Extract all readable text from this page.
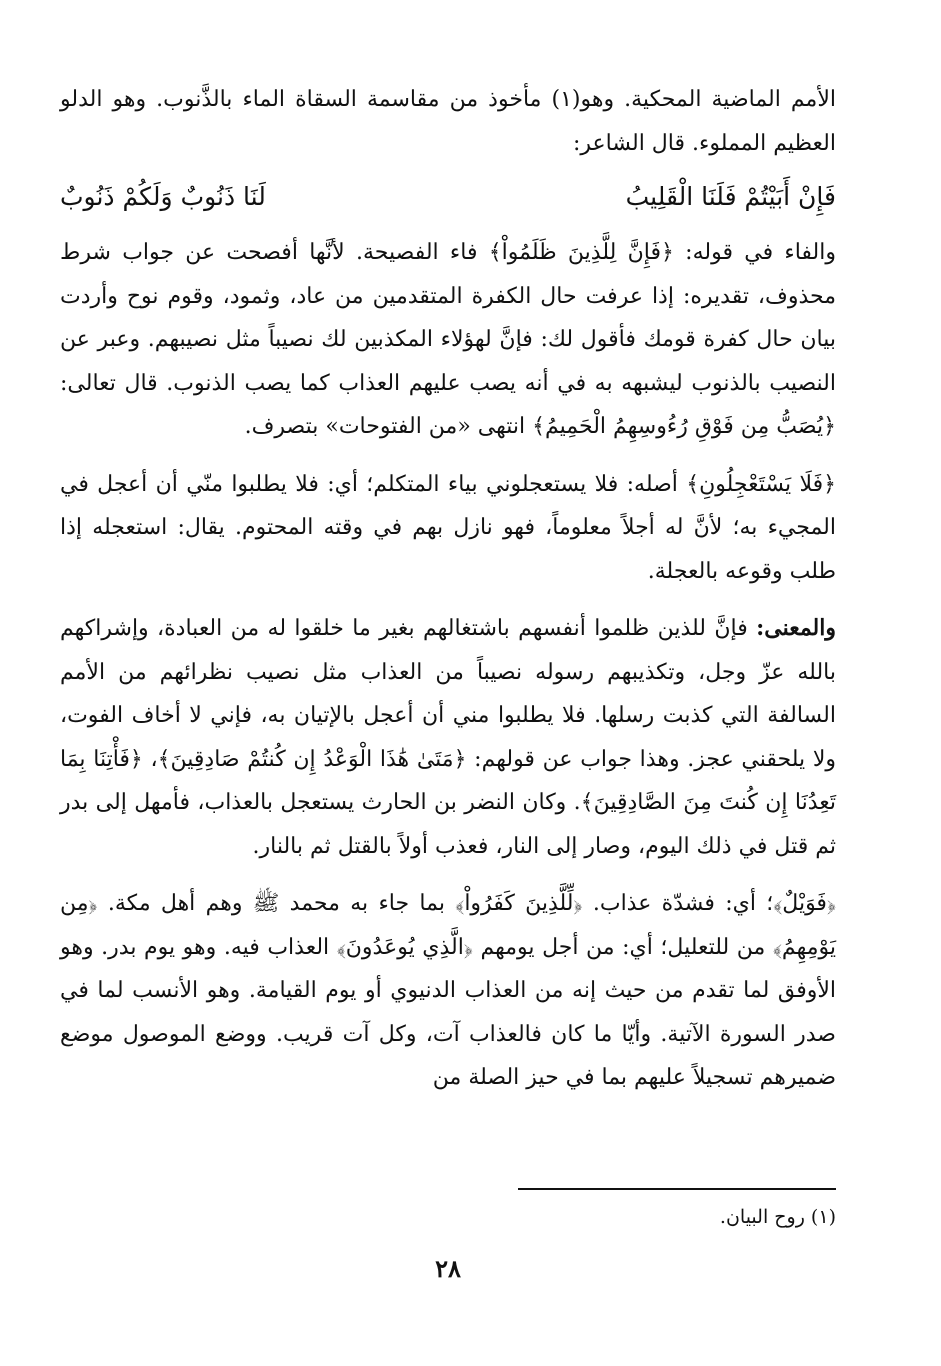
الأمم الماضية المحكية. وهو(١) مأخوذ من مقاسمة السقاة الماء بالذَّنوب. وهو الدلو العظيم المملوء. قال الشاعر:

فَإِنْ أَبَيْتُمْ فَلَنَا الْقَلِيبُ
لَنَا ذَنُوبٌ وَلَكُمْ ذَنُوبٌ

والفاء في قوله: ﴿فَإِنَّ لِلَّذِينَ ظَلَمُواْ﴾ فاء الفصيحة. لأنَّها أفصحت عن جواب شرط محذوف، تقديره: إذا عرفت حال الكفرة المتقدمين من عاد، وثمود، وقوم نوح وأردت بيان حال كفرة قومك فأقول لك: فإنَّ لهؤلاء المكذبين لك نصيباً مثل نصيبهم. وعبر عن النصيب بالذنوب ليشبهه به في أنه يصب عليهم العذاب كما يصب الذنوب. قال تعالى: ﴿يُصَبُّ مِن فَوْقِ رُءُوسِهِمُ الْحَمِيمُ﴾ انتهى «من الفتوحات» بتصرف.

﴿فَلَا يَسْتَعْجِلُونِ﴾ أصله: فلا يستعجلوني بياء المتكلم؛ أي: فلا يطلبوا منّي أن أعجل في المجيء به؛ لأنَّ له أجلاً معلوماً، فهو نازل بهم في وقته المحتوم. يقال: استعجله إذا طلب وقوعه بالعجلة.

والمعنى: فإنَّ للذين ظلموا أنفسهم باشتغالهم بغير ما خلقوا له من العبادة، وإشراكهم بالله عزّ وجل، وتكذيبهم رسوله نصيباً من العذاب مثل نصيب نظرائهم من الأمم السالفة التي كذبت رسلها. فلا يطلبوا مني أن أعجل بالإتيان به، فإني لا أخاف الفوت، ولا يلحقني عجز. وهذا جواب عن قولهم: ﴿مَتَىٰ هَٰذَا الْوَعْدُ إِن كُنتُمْ صَادِقِينَ﴾، ﴿فَأْتِنَا بِمَا تَعِدُنَا إِن كُنتَ مِنَ الصَّادِقِينَ﴾. وكان النضر بن الحارث يستعجل بالعذاب، فأمهل إلى بدر ثم قتل في ذلك اليوم، وصار إلى النار، فعذب أولاً بالقتل ثم بالنار.

﴿فَوَيْلٌ﴾؛ أي: فشدّة عذاب. ﴿لِّلَّذِينَ كَفَرُواْ﴾ بما جاء به محمد ﷺ وهم أهل مكة. ﴿مِن يَوْمِهِمُ﴾ من للتعليل؛ أي: من أجل يومهم ﴿الَّذِي يُوعَدُونَ﴾ العذاب فيه. وهو يوم بدر. وهو الأوفق لما تقدم من حيث إنه من العذاب الدنيوي أو يوم القيامة. وهو الأنسب لما في صدر السورة الآتية. وأيّا ما كان فالعذاب آت، وكل آت قريب. ووضع الموصول موضع ضميرهم تسجيلاً عليهم بما في حيز الصلة من

(١) روح البيان.
٢٨
